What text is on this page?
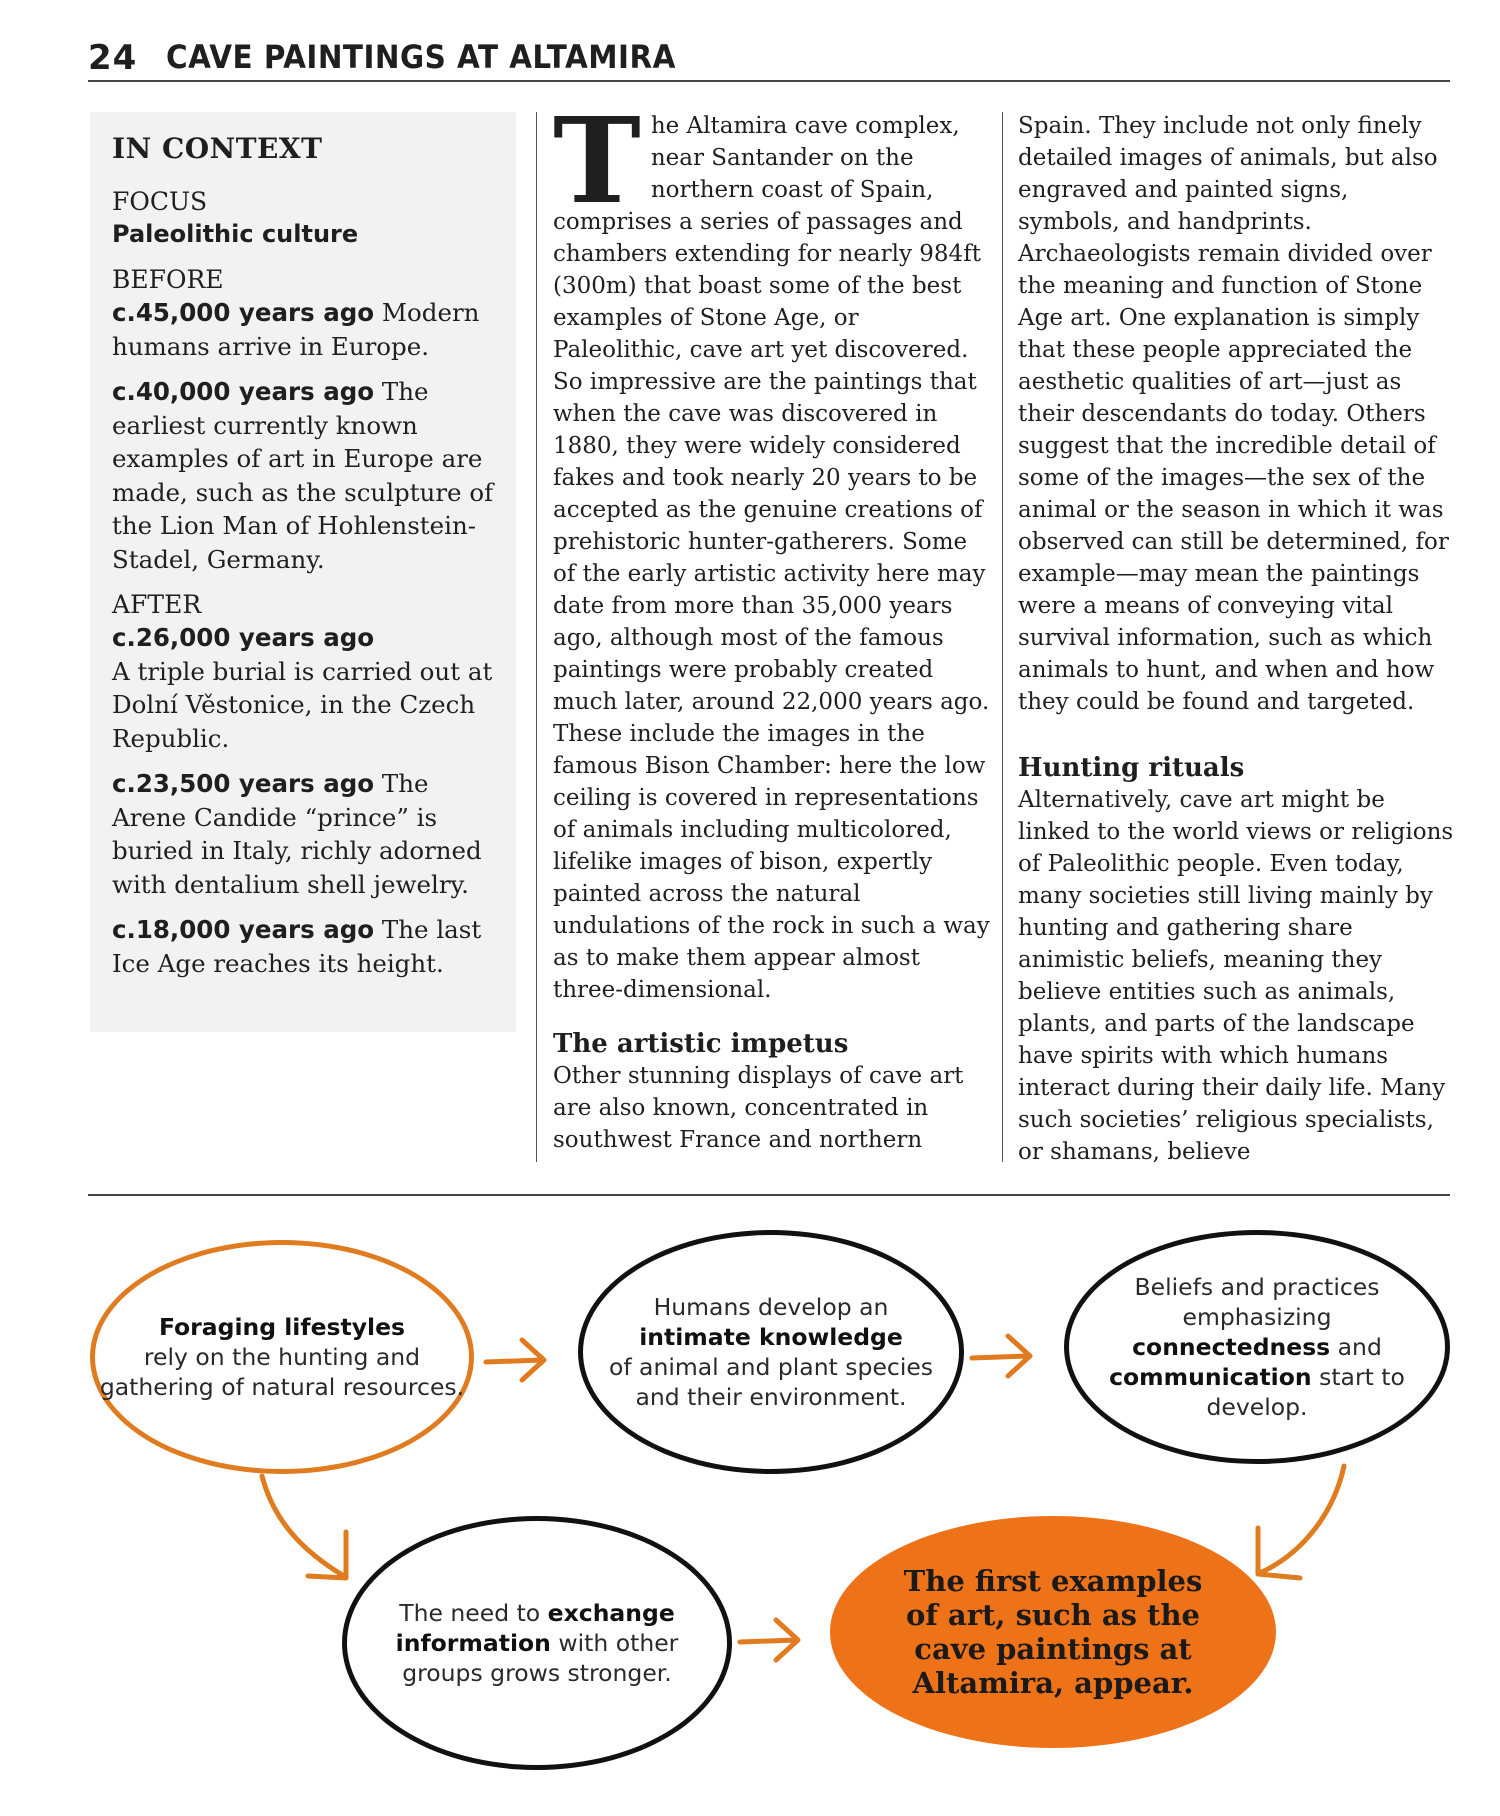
24 CAVE PAINTINGS AT ALTAMIRA
IN CONTEXT
FOCUS
Paleolithic culture
BEFORE
c.45,000 years ago Modern humans arrive in Europe.
c.40,000 years ago The earliest currently known examples of art in Europe are made, such as the sculpture of the Lion Man of Hohlenstein-Stadel, Germany.
AFTER
c.26,000 years ago
A triple burial is carried out at Dolní Věstonice, in the Czech Republic.
c.23,500 years ago The Arene Candide “prince” is buried in Italy, richly adorned with dentalium shell jewelry.
c.18,000 years ago The last Ice Age reaches its height.
The Altamira cave complex, near Santander on the northern coast of Spain, comprises a series of passages and chambers extending for nearly 984ft (300m) that boast some of the best examples of Stone Age, or Paleolithic, cave art yet discovered. So impressive are the paintings that when the cave was discovered in 1880, they were widely considered fakes and took nearly 20 years to be accepted as the genuine creations of prehistoric hunter-gatherers. Some of the early artistic activity here may date from more than 35,000 years ago, although most of the famous paintings were probably created much later, around 22,000 years ago. These include the images in the famous Bison Chamber: here the low ceiling is covered in representations of animals including multicolored, lifelike images of bison, expertly painted across the natural undulations of the rock in such a way as to make them appear almost three-dimensional.
The artistic impetus
Other stunning displays of cave art are also known, concentrated in southwest France and northern
Spain. They include not only finely detailed images of animals, but also engraved and painted signs, symbols, and handprints. Archaeologists remain divided over the meaning and function of Stone Age art. One explanation is simply that these people appreciated the aesthetic qualities of art—just as their descendants do today. Others suggest that the incredible detail of some of the images—the sex of the animal or the season in which it was observed can still be determined, for example—may mean the paintings were a means of conveying vital survival information, such as which animals to hunt, and when and how they could be found and targeted.
Hunting rituals
Alternatively, cave art might be linked to the world views or religions of Paleolithic people. Even today, many societies still living mainly by hunting and gathering share animistic beliefs, meaning they believe entities such as animals, plants, and parts of the landscape have spirits with which humans interact during their daily life. Many such societies’ religious specialists, or shamans, believe
Foraging lifestyles
rely on the hunting and gathering of natural resources.
Humans develop an
intimate knowledge
of animal and plant species and their environment.
Beliefs and practices emphasizing connectedness and communication start to develop.
The need to exchange information with other groups grows stronger.
The first examples of art, such as the cave paintings at Altamira, appear.
